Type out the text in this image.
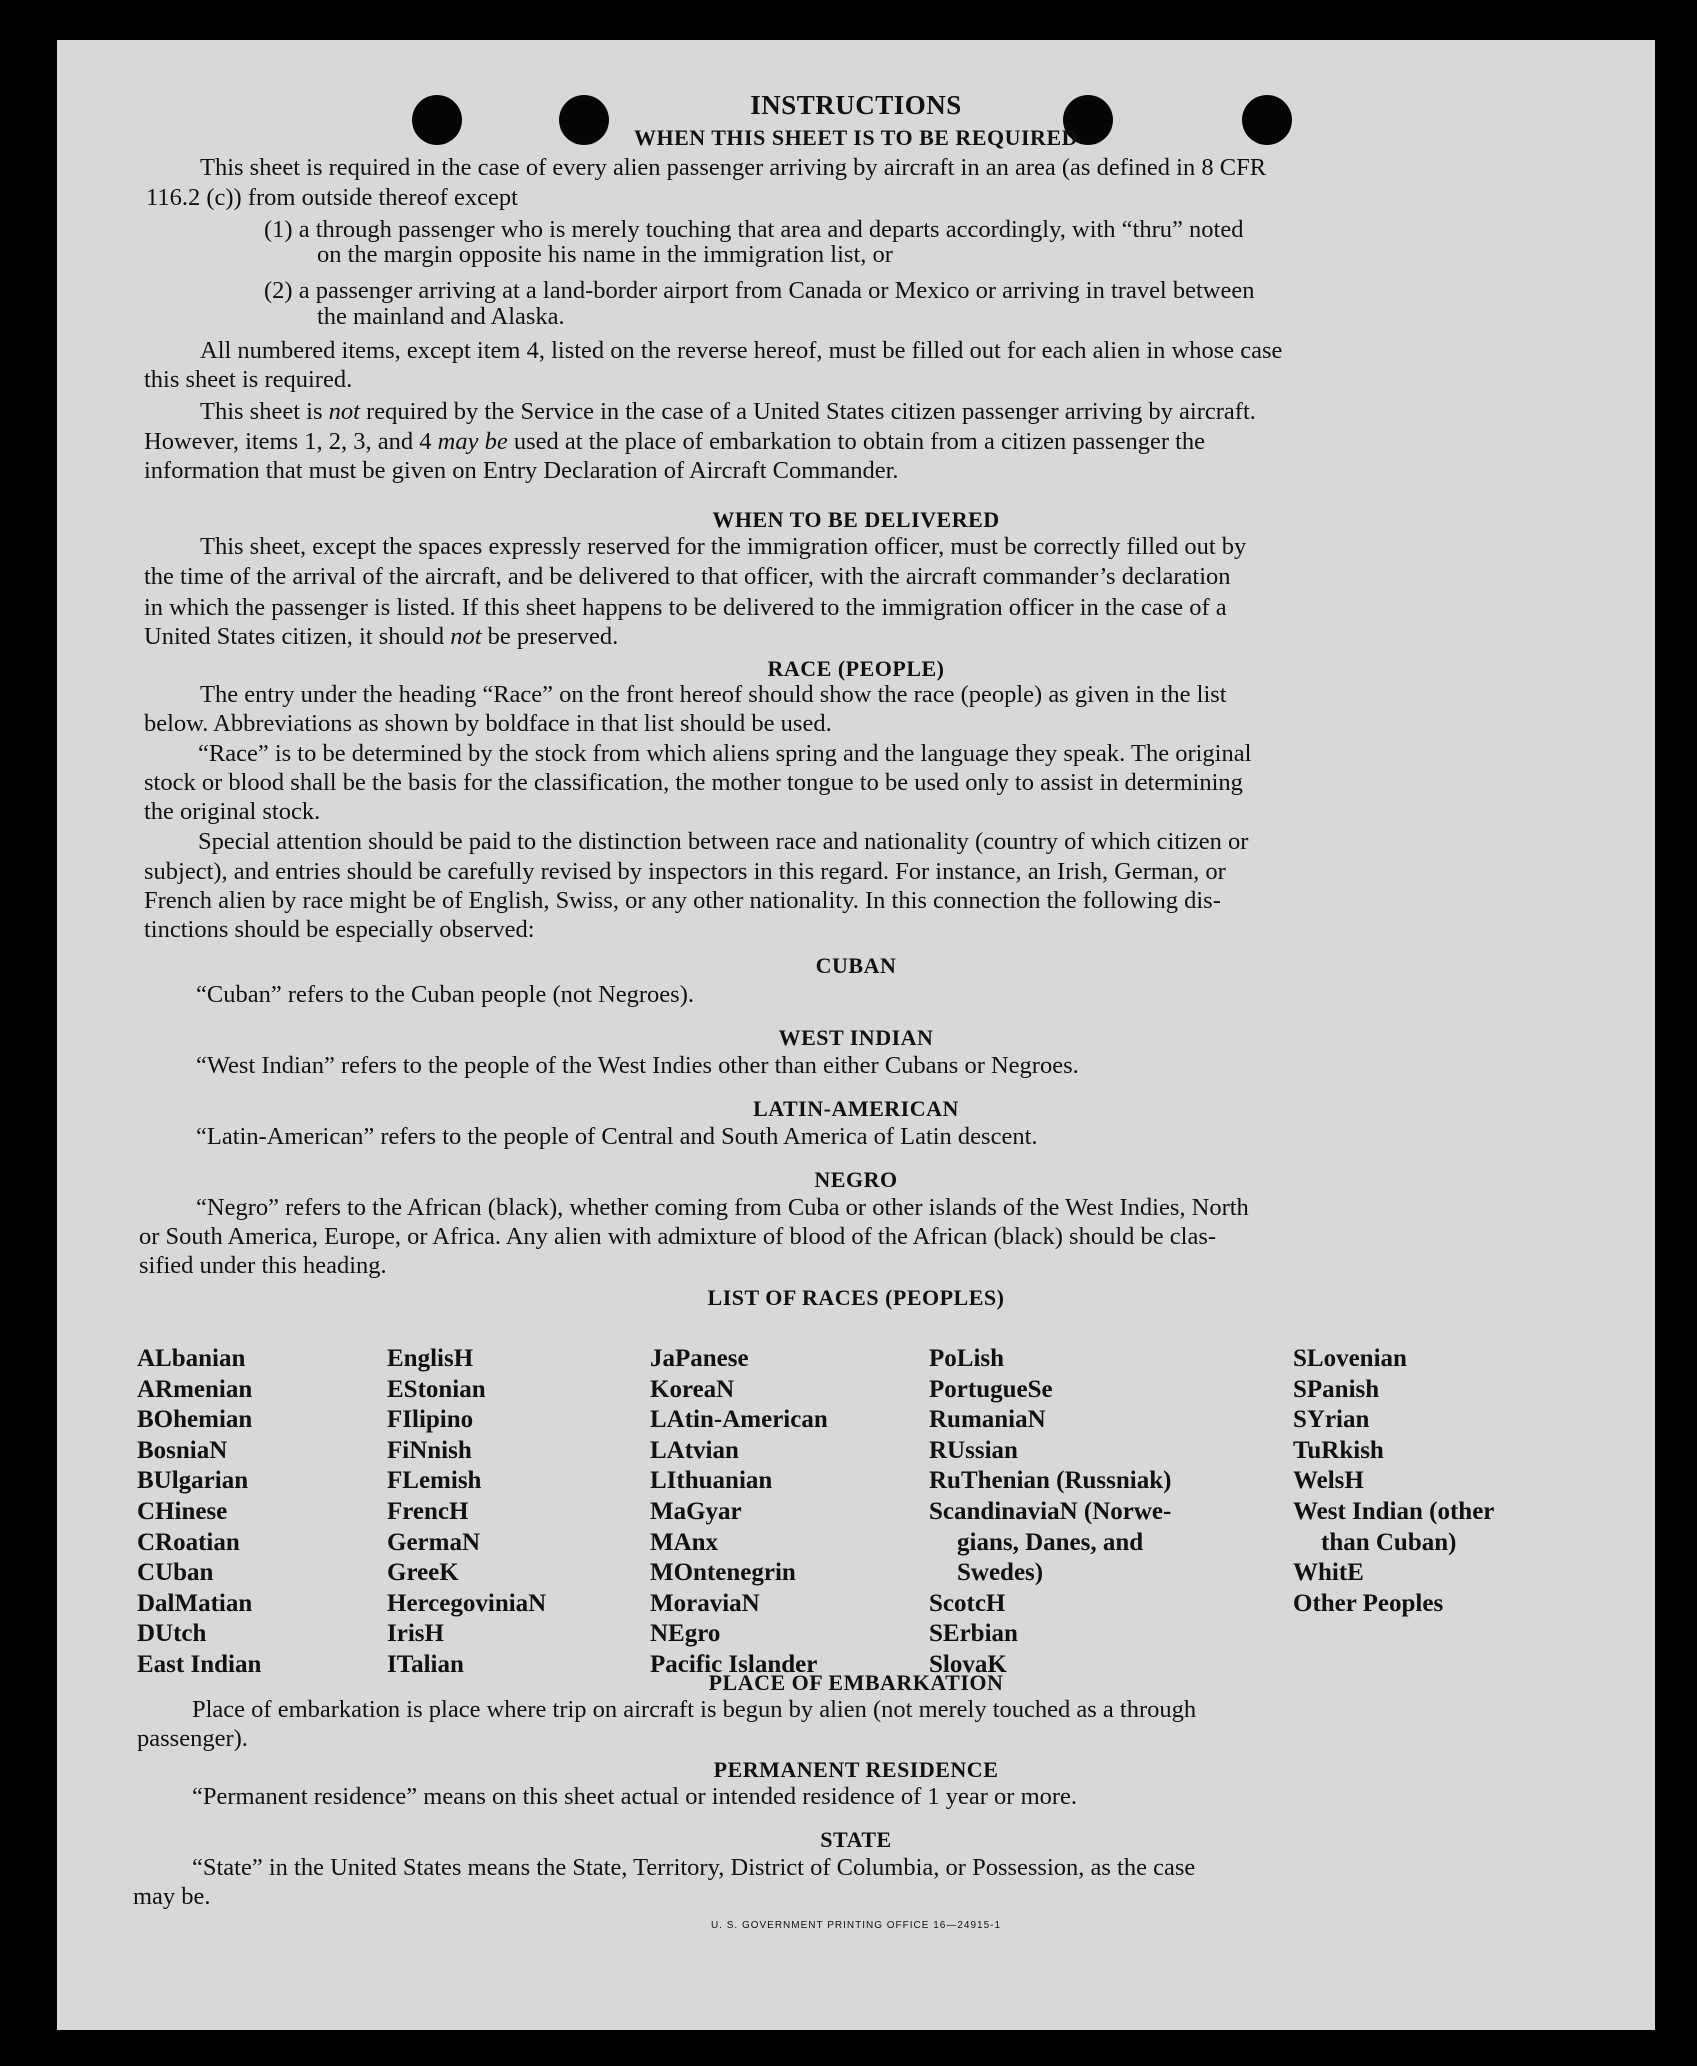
INSTRUCTIONS
WHEN THIS SHEET IS TO BE REQUIRED
This sheet is required in the case of every alien passenger arriving by aircraft in an area (as defined in 8 CFR
116.2 (c)) from outside thereof except
(1) a through passenger who is merely touching that area and departs accordingly, with “thru” noted
on the margin opposite his name in the immigration list, or
(2) a passenger arriving at a land-border airport from Canada or Mexico or arriving in travel between
the mainland and Alaska.
All numbered items, except item 4, listed on the reverse hereof, must be filled out for each alien in whose case
this sheet is required.
This sheet is not required by the Service in the case of a United States citizen passenger arriving by aircraft.
However, items 1, 2, 3, and 4 may be used at the place of embarkation to obtain from a citizen passenger the
information that must be given on Entry Declaration of Aircraft Commander.
WHEN TO BE DELIVERED
This sheet, except the spaces expressly reserved for the immigration officer, must be correctly filled out by
the time of the arrival of the aircraft, and be delivered to that officer, with the aircraft commander’s declaration
in which the passenger is listed. If this sheet happens to be delivered to the immigration officer in the case of a
United States citizen, it should not be preserved.
RACE (PEOPLE)
The entry under the heading “Race” on the front hereof should show the race (people) as given in the list
below. Abbreviations as shown by boldface in that list should be used.
“Race” is to be determined by the stock from which aliens spring and the language they speak. The original
stock or blood shall be the basis for the classification, the mother tongue to be used only to assist in determining
the original stock.
Special attention should be paid to the distinction between race and nationality (country of which citizen or
subject), and entries should be carefully revised by inspectors in this regard. For instance, an Irish, German, or
French alien by race might be of English, Swiss, or any other nationality. In this connection the following dis-
tinctions should be especially observed:
CUBAN
“Cuban” refers to the Cuban people (not Negroes).
WEST INDIAN
“West Indian” refers to the people of the West Indies other than either Cubans or Negroes.
LATIN-AMERICAN
“Latin-American” refers to the people of Central and South America of Latin descent.
NEGRO
“Negro” refers to the African (black), whether coming from Cuba or other islands of the West Indies, North
or South America, Europe, or Africa. Any alien with admixture of blood of the African (black) should be clas-
sified under this heading.
LIST OF RACES (PEOPLES)
ALbanian
ARmenian
BOhemian
BosniaN
BUlgarian
CHinese
CRoatian
CUban
DalMatian
DUtch
East Indian
EnglisH
EStonian
FIlipino
FiNnish
FLemish
FrencH
GermaN
GreeK
HercegoviniaN
IrisH
ITalian
JaPanese
KoreaN
LAtin-American
LAtvian
LIthuanian
MaGyar
MAnx
MOntenegrin
MoraviaN
NEgro
Pacific Islander
PoLish
PortugueSe
RumaniaN
RUssian
RuThenian (Russniak)
ScandinaviaN (Norwe-
gians, Danes, and
Swedes)
ScotcH
SErbian
SlovaK
SLovenian
SPanish
SYrian
TuRkish
WelsH
West Indian (other
than Cuban)
WhitE
Other Peoples
PLACE OF EMBARKATION
Place of embarkation is place where trip on aircraft is begun by alien (not merely touched as a through
passenger).
PERMANENT RESIDENCE
“Permanent residence” means on this sheet actual or intended residence of 1 year or more.
STATE
“State” in the United States means the State, Territory, District of Columbia, or Possession, as the case
may be.
U. S. GOVERNMENT PRINTING OFFICE 16—24915-1
